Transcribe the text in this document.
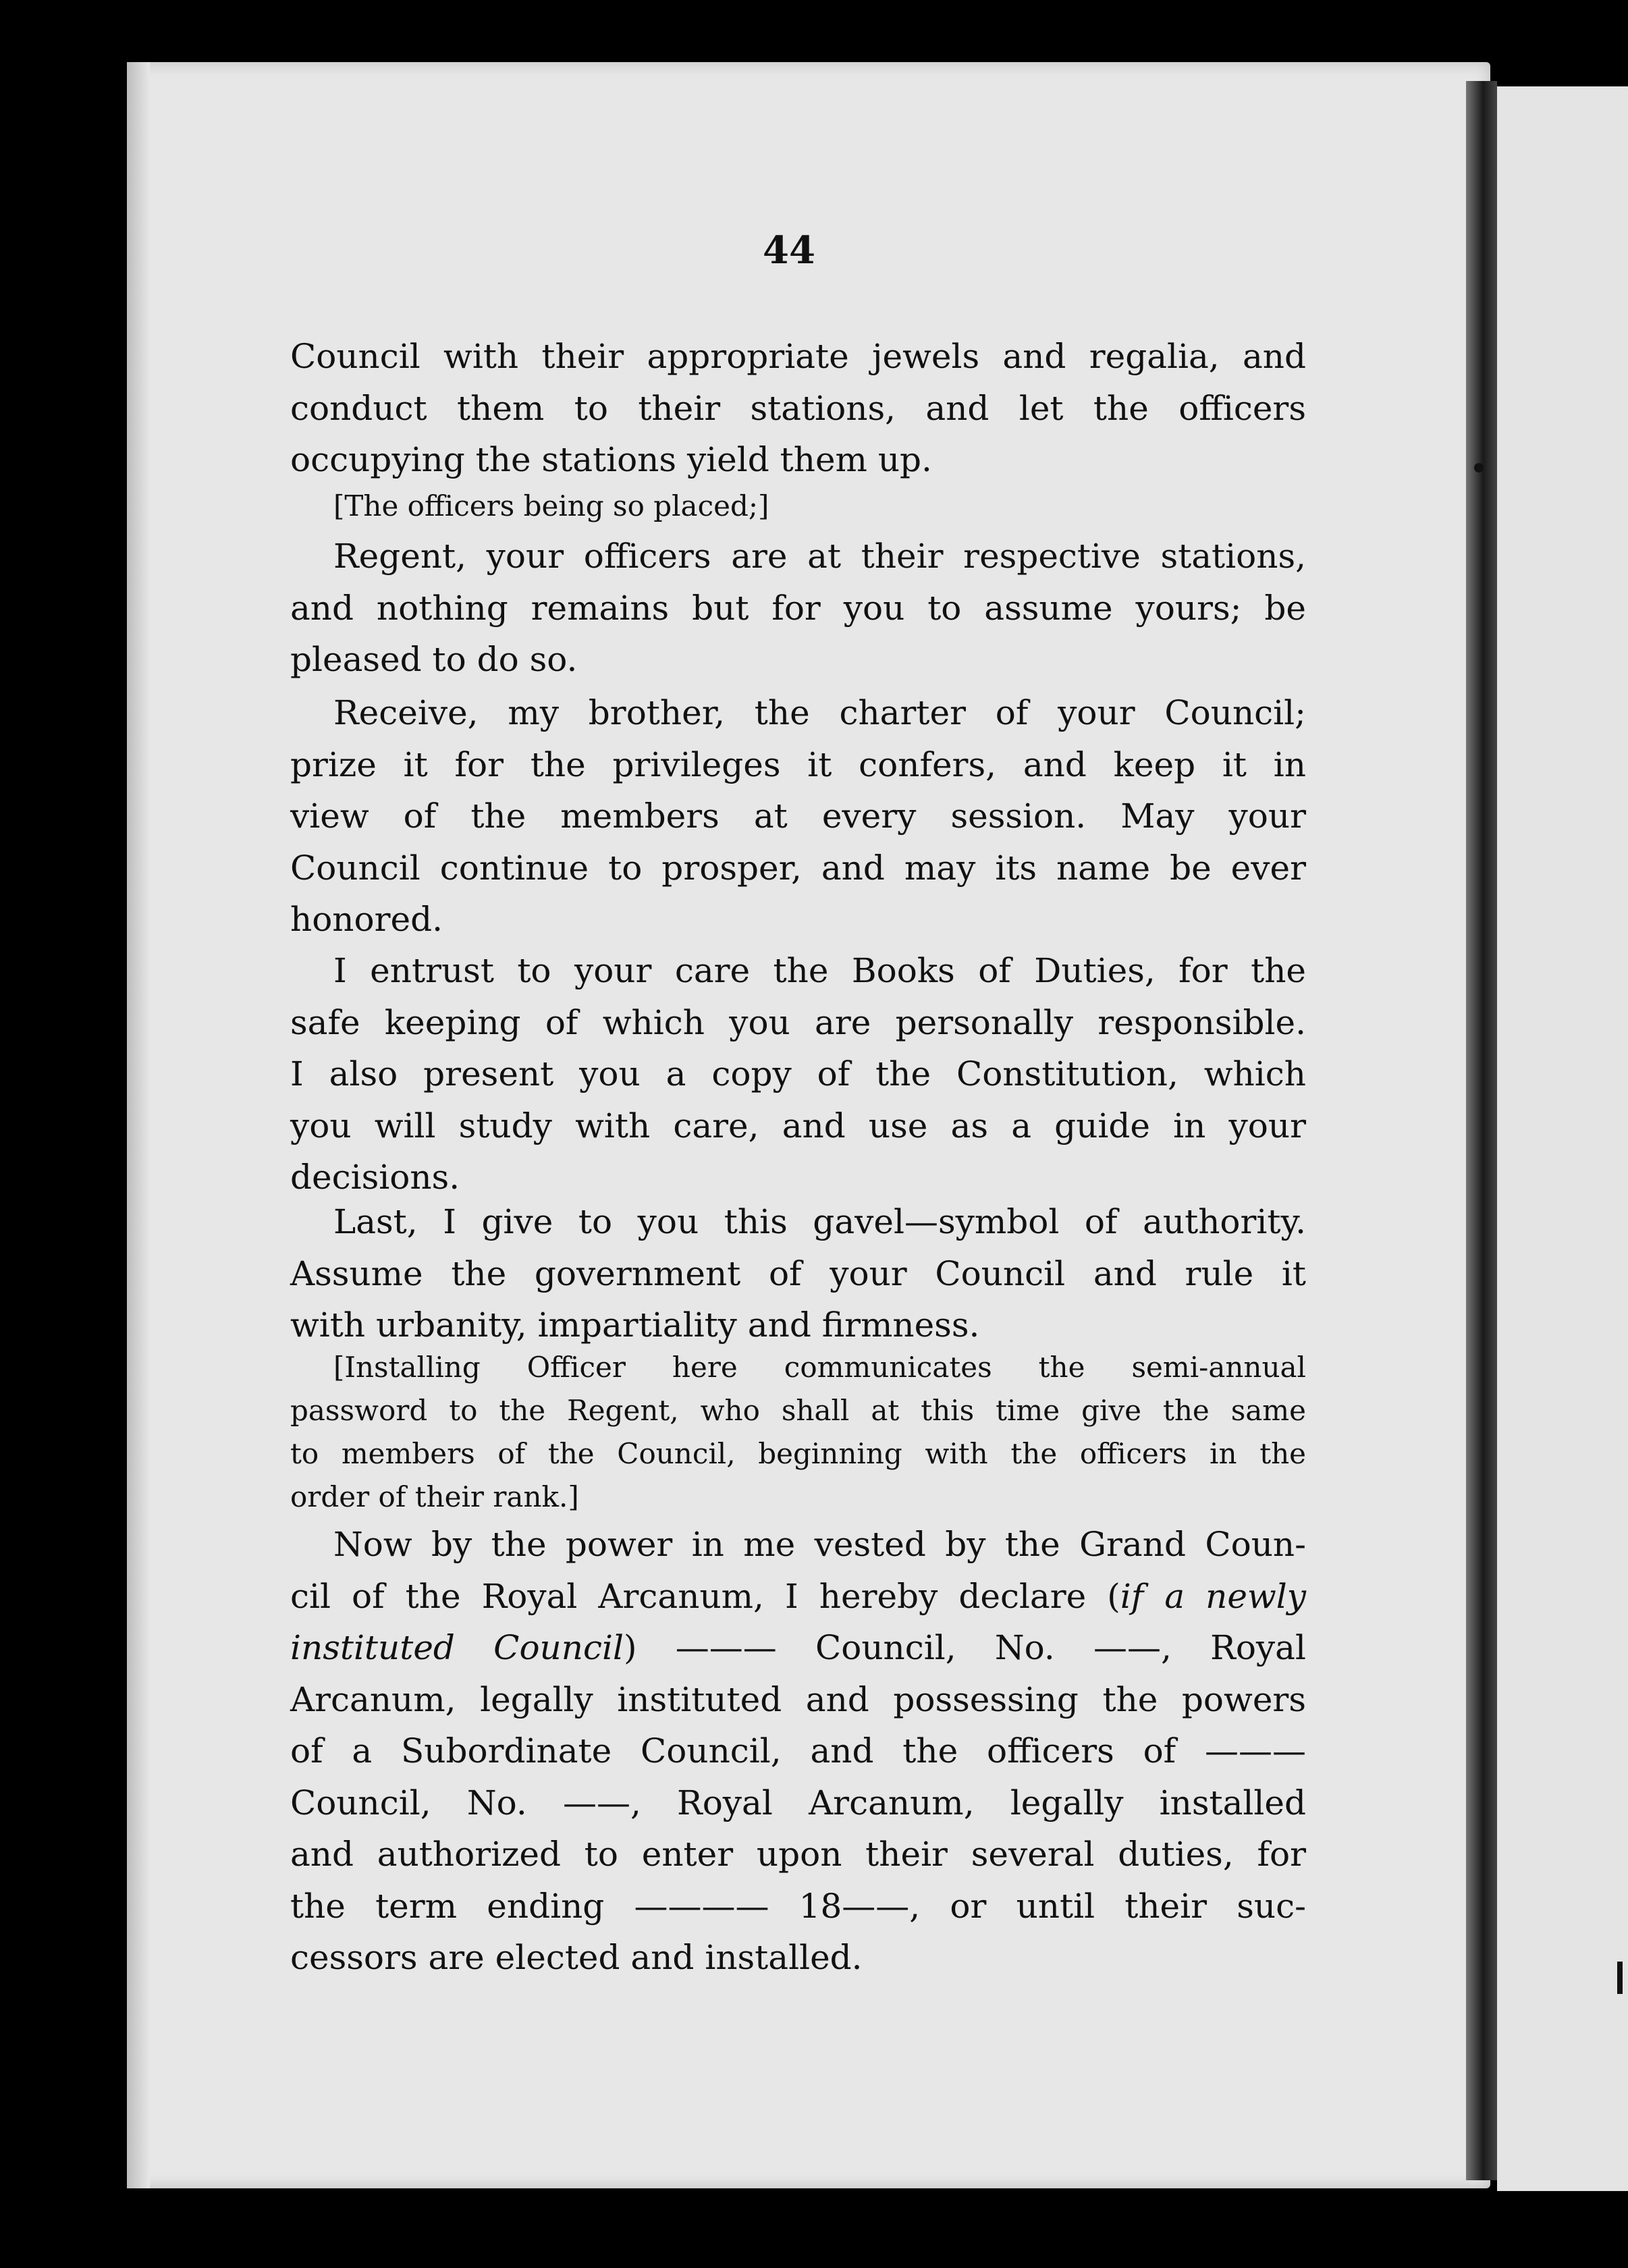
44
Council with their appropriate jewels and regalia, and
conduct them to their stations, and let the officers
occupying the stations yield them up.
[The officers being so placed;]
Regent, your officers are at their respective stations,
and nothing remains but for you to assume yours; be
pleased to do so.
Receive, my brother, the charter of your Council;
prize it for the privileges it confers, and keep it in
view of the members at every session. May your
Council continue to prosper, and may its name be ever
honored.
I entrust to your care the Books of Duties, for the
safe keeping of which you are personally responsible.
I also present you a copy of the Constitution, which
you will study with care, and use as a guide in your
decisions.
Last, I give to you this gavel—symbol of authority.
Assume the government of your Council and rule it
with urbanity, impartiality and firmness.
[Installing Officer here communicates the semi-annual
password to the Regent, who shall at this time give the same
to members of the Council, beginning with the officers in the
order of their rank.]
Now by the power in me vested by the Grand Coun-
cil of the Royal Arcanum, I hereby declare (if a newly
instituted Council) ——— Council, No. ——, Royal
Arcanum, legally instituted and possessing the powers
of a Subordinate Council, and the officers of ———
Council, No. ——, Royal Arcanum, legally installed
and authorized to enter upon their several duties, for
the term ending ———— 18——, or until their suc-
cessors are elected and installed.
